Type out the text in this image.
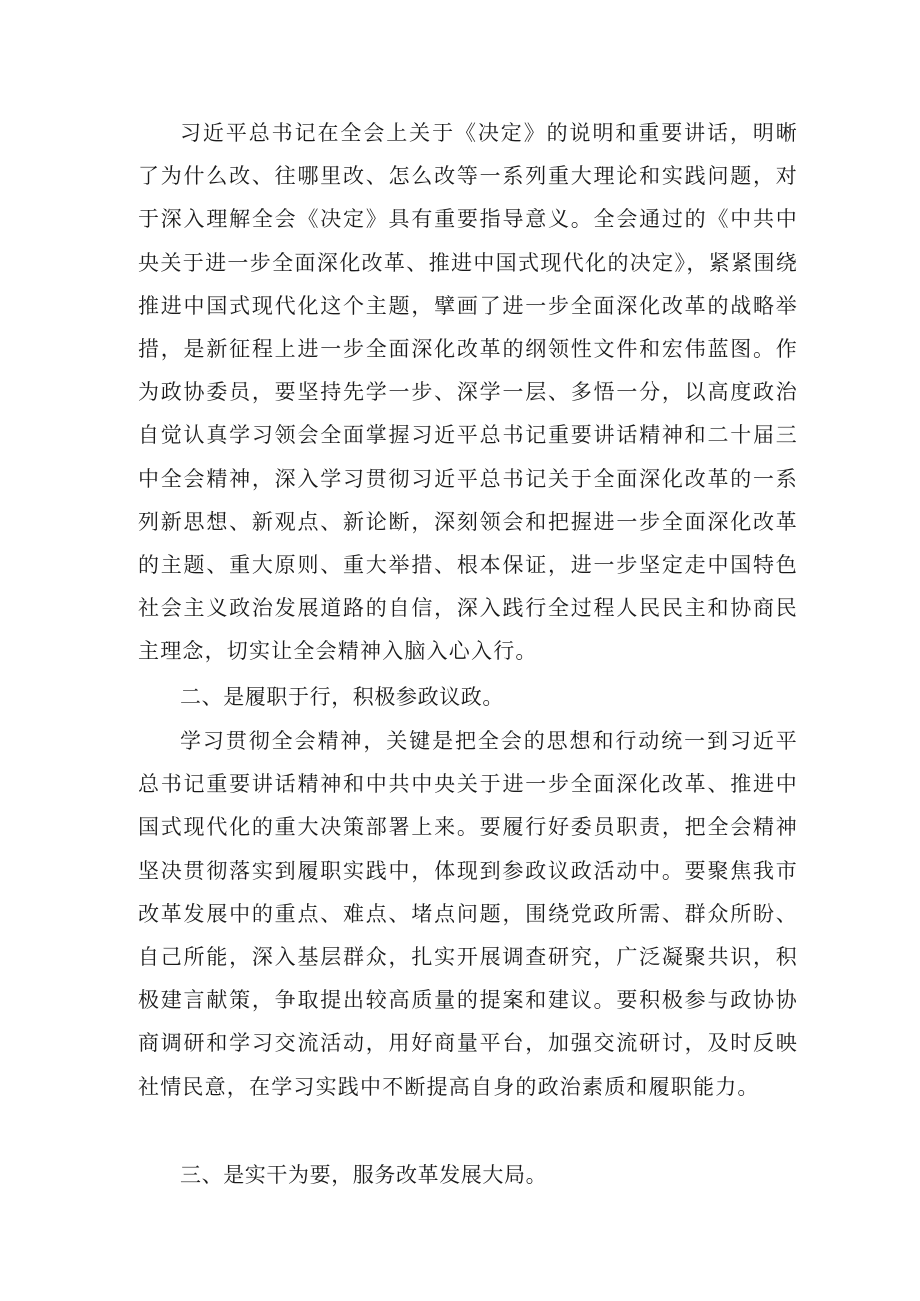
习近平总书记在全会上关于《决定》的说明和重要讲话，明晰了为什么改、往哪里改、怎么改等一系列重大理论和实践问题，对于深入理解全会《决定》具有重要指导意义。全会通过的《中共中央关于进一步全面深化改革、推进中国式现代化的决定》，紧紧围绕推进中国式现代化这个主题，擘画了进一步全面深化改革的战略举措，是新征程上进一步全面深化改革的纲领性文件和宏伟蓝图。作为政协委员，要坚持先学一步、深学一层、多悟一分，以高度政治自觉认真学习领会全面掌握习近平总书记重要讲话精神和二十届三中全会精神，深入学习贯彻习近平总书记关于全面深化改革的一系列新思想、新观点、新论断，深刻领会和把握进一步全面深化改革的主题、重大原则、重大举措、根本保证，进一步坚定走中国特色社会主义政治发展道路的自信，深入践行全过程人民民主和协商民主理念，切实让全会精神入脑入心入行。

二、是履职于行，积极参政议政。

学习贯彻全会精神，关键是把全会的思想和行动统一到习近平总书记重要讲话精神和中共中央关于进一步全面深化改革、推进中国式现代化的重大决策部署上来。要履行好委员职责，把全会精神坚决贯彻落实到履职实践中，体现到参政议政活动中。要聚焦我市改革发展中的重点、难点、堵点问题，围绕党政所需、群众所盼、自己所能，深入基层群众，扎实开展调查研究，广泛凝聚共识，积极建言献策，争取提出较高质量的提案和建议。要积极参与政协协商调研和学习交流活动，用好商量平台，加强交流研讨，及时反映社情民意，在学习实践中不断提高自身的政治素质和履职能力。

三、是实干为要，服务改革发展大局。
